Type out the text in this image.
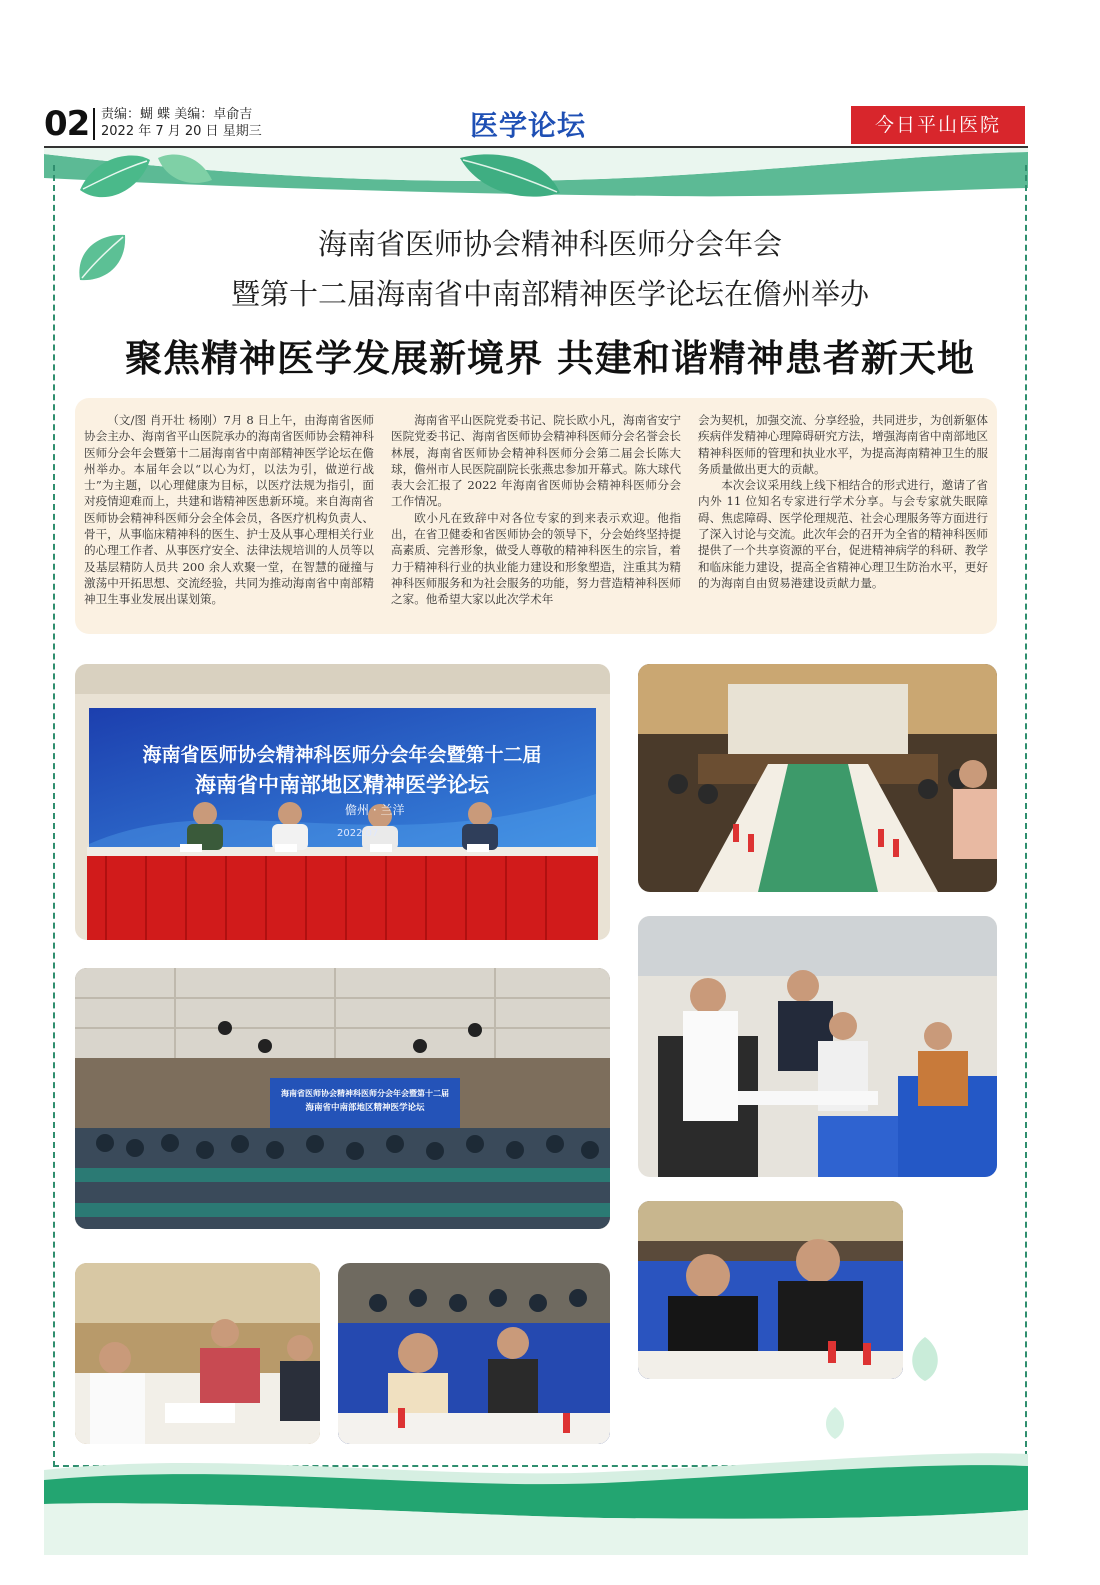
02 责编：蝴 蝶 美编：卓俞吉
2022 年 7 月 20 日 星期三	医学论坛	今日平山医院
海南省医师协会精神科医师分会年会
暨第十二届海南省中南部精神医学论坛在儋州举办
聚焦精神医学发展新境界 共建和谐精神患者新天地

（文/图 肖开壮 杨刚）7月 8 日上午，由海南省医师协会主办、海南省平山医院承办的海南省医师协会精神科医师分会年会暨第十二届海南省中南部精神医学论坛在儋州举办。本届年会以“以心为灯，以法为引，做逆行战士”为主题，以心理健康为目标，以医疗法规为指引，面对疫情迎难而上，共建和谐精神医患新环境。来自海南省医师协会精神科医师分会全体会员，各医疗机构负责人、骨干，从事临床精神科的医生、护士及从事心理相关行业的心理工作者、从事医疗安全、法律法规培训的人员等以及基层精防人员共 200 余人欢聚一堂，在智慧的碰撞与激荡中开拓思想、交流经验，共同为推动海南省中南部精神卫生事业发展出谋划策。

海南省平山医院党委书记、院长欧小凡，海南省安宁医院党委书记、海南省医师协会精神科医师分会名誉会长林展，海南省医师协会精神科医师分会第二届会长陈大球，儋州市人民医院副院长张燕忠参加开幕式。陈大球代表大会汇报了 2022 年海南省医师协会精神科医师分会工作情况。

欧小凡在致辞中对各位专家的到来表示欢迎。他指出，在省卫健委和省医师协会的领导下，分会始终坚持提高素质、完善形象，做受人尊敬的精神科医生的宗旨，着力于精神科行业的执业能力建设和形象塑造，注重其为精神科医师服务和为社会服务的功能，努力营造精神科医师之家。他希望大家以此次学术年

会为契机，加强交流、分享经验，共同进步，为创新躯体疾病伴发精神心理障碍研究方法，增强海南省中南部地区精神科医师的管理和执业水平，为提高海南精神卫生的服务质量做出更大的贡献。

本次会议采用线上线下相结合的形式进行，邀请了省内外 11 位知名专家进行学术分享。与会专家就失眠障碍、焦虑障碍、医学伦理规范、社会心理服务等方面进行了深入讨论与交流。此次年会的召开为全省的精神科医师提供了一个共享资源的平台，促进精神病学的科研、教学和临床能力建设，提高全省精神心理卫生防治水平，更好的为海南自由贸易港建设贡献力量。

海南省医师协会精神科医师分会年会暨第十二届
海南省中南部地区精神医学论坛
儋州 · 兰洋
2022.07
海南省医师协会精神科医师分会年会暨第十二届
海南省中南部地区精神医学论坛
